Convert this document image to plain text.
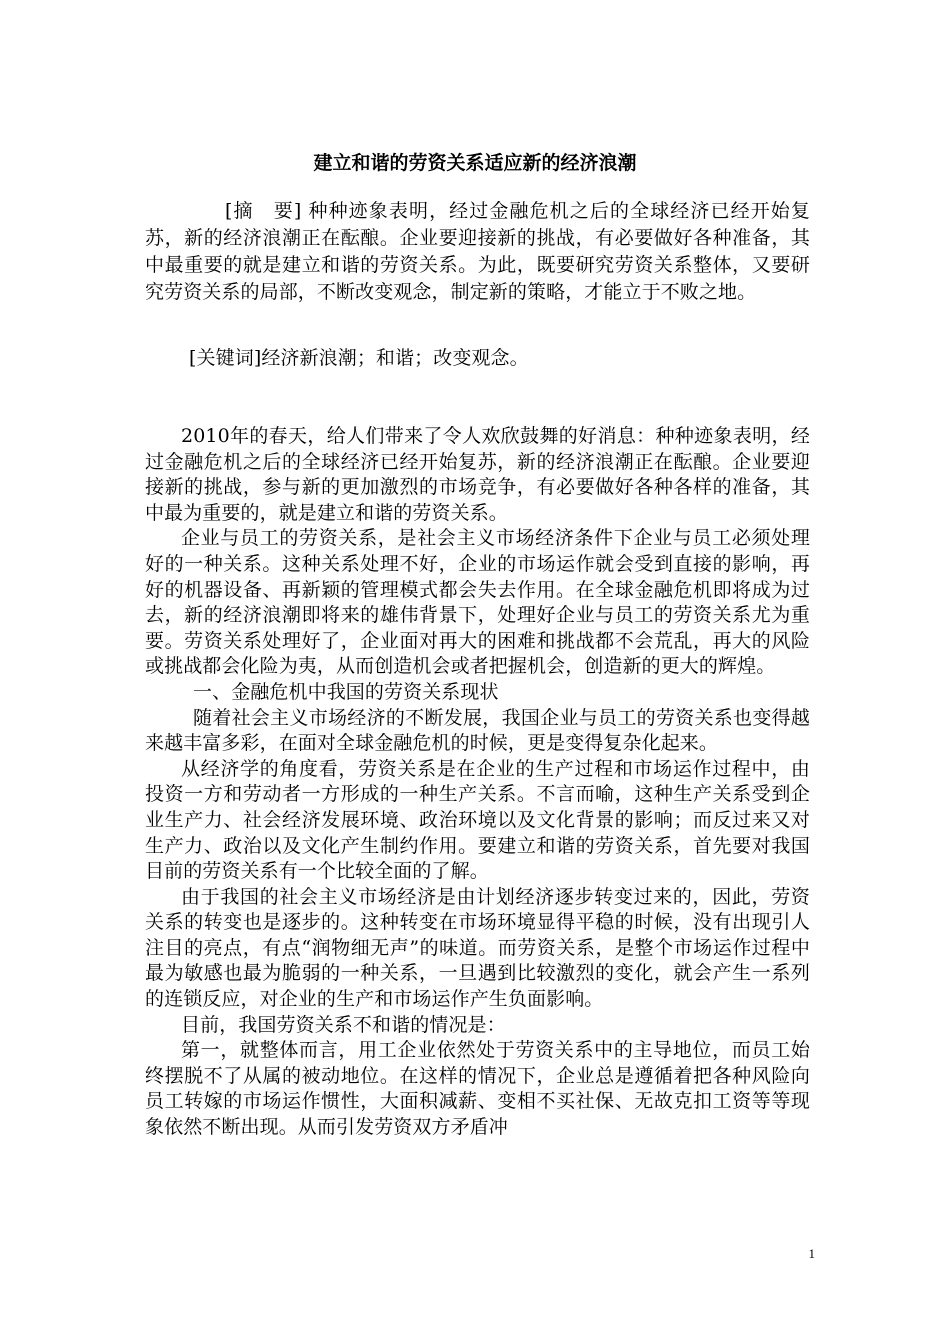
建立和谐的劳资关系适应新的经济浪潮

[摘　要] 种种迹象表明，经过金融危机之后的全球经济已经开始复苏，新的经济浪潮正在酝酿。企业要迎接新的挑战，有必要做好各种准备，其中最重要的就是建立和谐的劳资关系。为此，既要研究劳资关系整体，又要研究劳资关系的局部，不断改变观念，制定新的策略，才能立于不败之地。

[关键词]经济新浪潮；和谐；改变观念。

2010年的春天，给人们带来了令人欢欣鼓舞的好消息：种种迹象表明，经过金融危机之后的全球经济已经开始复苏，新的经济浪潮正在酝酿。企业要迎接新的挑战，参与新的更加激烈的市场竞争，有必要做好各种各样的准备，其中最为重要的，就是建立和谐的劳资关系。

企业与员工的劳资关系，是社会主义市场经济条件下企业与员工必须处理好的一种关系。这种关系处理不好，企业的市场运作就会受到直接的影响，再好的机器设备、再新颖的管理模式都会失去作用。在全球金融危机即将成为过去，新的经济浪潮即将来的雄伟背景下，处理好企业与员工的劳资关系尤为重要。劳资关系处理好了，企业面对再大的困难和挑战都不会荒乱，再大的风险或挑战都会化险为夷，从而创造机会或者把握机会，创造新的更大的辉煌。

一、金融危机中我国的劳资关系现状

随着社会主义市场经济的不断发展，我国企业与员工的劳资关系也变得越来越丰富多彩，在面对全球金融危机的时候，更是变得复杂化起来。

从经济学的角度看，劳资关系是在企业的生产过程和市场运作过程中，由投资一方和劳动者一方形成的一种生产关系。不言而喻，这种生产关系受到企业生产力、社会经济发展环境、政治环境以及文化背景的影响；而反过来又对生产力、政治以及文化产生制约作用。要建立和谐的劳资关系，首先要对我国目前的劳资关系有一个比较全面的了解。

由于我国的社会主义市场经济是由计划经济逐步转变过来的，因此，劳资关系的转变也是逐步的。这种转变在市场环境显得平稳的时候，没有出现引人注目的亮点，有点“润物细无声”的味道。而劳资关系，是整个市场运作过程中最为敏感也最为脆弱的一种关系，一旦遇到比较激烈的变化，就会产生一系列的连锁反应，对企业的生产和市场运作产生负面影响。

目前，我国劳资关系不和谐的情况是：

第一，就整体而言，用工企业依然处于劳资关系中的主导地位，而员工始终摆脱不了从属的被动地位。在这样的情况下，企业总是遵循着把各种风险向员工转嫁的市场运作惯性，大面积减薪、变相不买社保、无故克扣工资等等现象依然不断出现。从而引发劳资双方矛盾冲

1
